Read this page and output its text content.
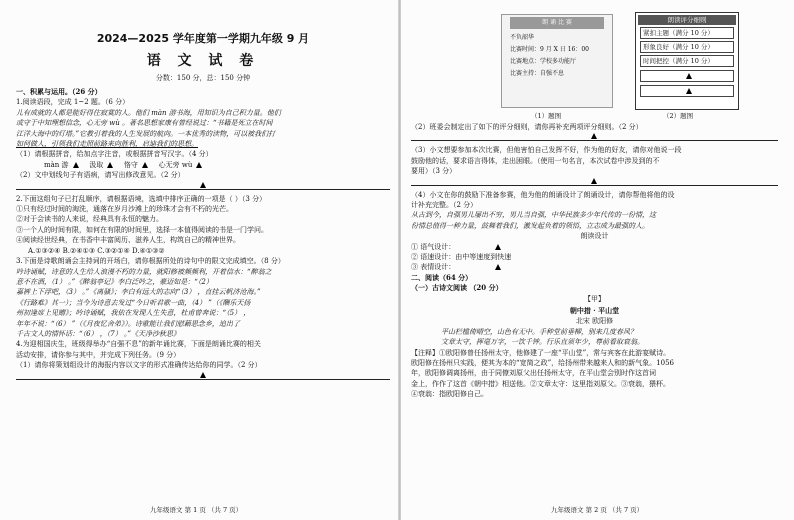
2024—2025 学年度第一学期九年级 9 月

语 文 试 卷

分数：150 分，总：150 分钟

一、积累与运用。（26 分）

1.阅读语段，完成 1~2 题。（6 分）

儿有成就的人都是能好得住寂寞的人。他们 màn 游书海，用知识为自己积力量。他们

或守于中知理想信念，心无旁 wù 。著名思想家康有曾经说过：“书籍是死立在时间

江洋大海中的灯塔。”它教引着我的人生发展的航向。一本优秀的读物，可以被我们打

如何做人，引领我们走照前路来向胜利，启迪我们的思想。

（1）请根据拼音，给加点字注音，或根据拼音写汉字。（4 分）

màn 游	汲取	恪守	心无旁 wù

（2）文中划线句子有语病，请写出修改意见。（2 分）

2.下面这组句子已打乱顺序，请根据语境，选填中排序正确的一项是（ ）（3 分）

①只有经过时间的淘洗，通落在岁月沙滩上的珍珠才会有不朽的光芒。

②对于会读书的人来说，经典具有永恒的魅力。

③一个人的时间有限，如何在有限的时间里，选择一本值得阅读的书是一门学问。

④阅读经世经典，在书香中丰富阅历、滋养人生，构筑自己的精神世界。

A.①③②④ B.②④①③ C.③②①④ D.④①③②

3.下面是诗歌朗诵会主持词的开场白，请你根据所处的诗句中的限文完成填空。（8 分）

吟诗诵赋，诗意的人生给人浪漫不朽的力量，就阳修被频频利，开着信水：“醉翁之

意不在酒，（1） 。”《醉翁亭记》李白泛吟之，豪迈如是：“（2）

嘉裤上下浮吧，（3） 。”《离骚》；李白有远大的志向“（3） ，直挂云帆济沧海。”

《行路难》其一）；当今为诗意去发过“今日听君歌一曲，（4） ”（《酬乐天扬

州初逢席上见赠》；吟诗诵赋，我依在发现人生失意，杜甫曾奔说：“（5） ，

年年不说：“（6） ”（《月夜忆舍弟》）。诗歌能让我们慰藉思念乡，追出了

千古文人的情怀话：“（6） ，（7） 。”《天净沙秋思》

4.为迎相国庆生，班级得举办“自强不息”的新年诵比赛，下面是朗诵比赛的相关

活动安排，请你参与其中，并完成下列任务。（9 分）

（1）请你将策划组设计的海报内容以文字的形式准确传达给你的同学。（2 分）

九年级语文 第 1 页 （共 7 页）
朗 诵 比 赛

不负韶华

比赛时间：9 月 X 日 16：00

比赛地点：学校多功能厅

比赛主持：自强不息

朗读评分细则
紧扣主题（满分 10 分）
形象良好（满分 10 分）
时间把控（满分 10 分）
（1）题图	（2）题图

（2）班委会制定出了如下的评分细则，请你再补充两项评分细则。（2 分）

（3）小文想要参加本次比赛，但他害怕自己发挥不好，作为他的好友，请你对他说一段

鼓励他的话，要求语言得体，走出困眼。（使用一句名言，本次试卷中涉及到的不

要用）（3 分）

（4）小文在你的鼓励下准备参赛，他为他的朗诵设计了朗诵设计，请你帮他将他的设

计补充完整。（2 分）

从古到今，自强男儿屡出不穷，男儿当自强，中华民族多少年代传的一份情，这

份情总值得一种力量，鼓舞着我们，激发起负着的领悟，立志成为最强的人。

朗读设计

① 语气设计：

② 语速设计：由中等速度到快速

③ 表情设计：

二、阅读（64 分）

（一）古诗文阅读 （20 分）

【甲】

朝中措 · 平山堂

北宋 欧阳修

平山栏槛倚晴空，山色有无中。手种堂前垂柳，别来几度春风？

文章太守，挥毫万字，一饮千钟。行乐直须年少，尊前看取衰翁。

【注释】①欧阳修曾任扬州太守，他修建了一座“平山堂”，常与宾客在此游宴赋诗。

欧阳修在扬州只实践，便其为本的“宽简之政”，给扬州带来越来人和的新气象。1056

年，欧阳修调离扬州，由于同僚刘原父出任扬州太守，在平山堂会别时作这首词

金上，作作了这首《朝中措》相送他。②文章太守：这里指刘原父。③衰翁，猥杯。

④衰翁：指欧阳修自己。

九年级语文 第 2 页 （共 7 页）
